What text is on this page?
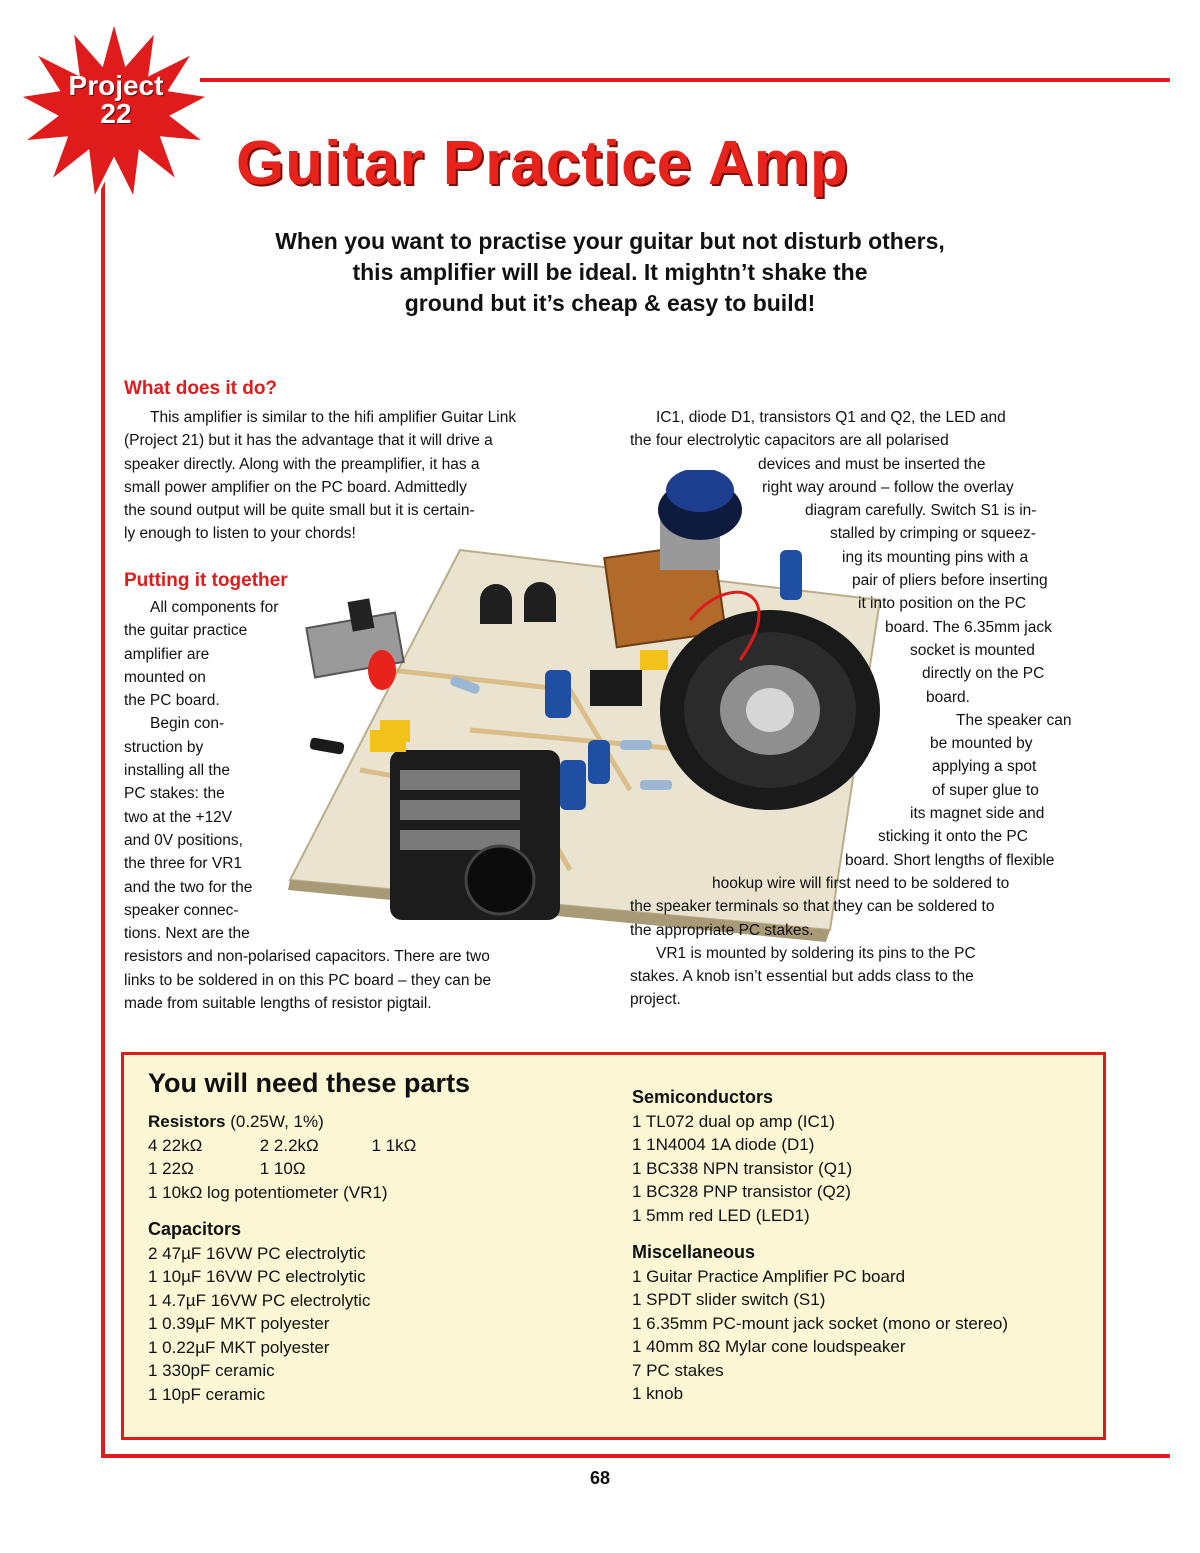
Project
22
Guitar Practice Amp
When you want to practise your guitar but not disturb others,
this amplifier will be ideal. It mightn’t shake the
ground but it’s cheap & easy to build!
What does it do?
This amplifier is similar to the hifi amplifier Guitar Link
(Project 21) but it has the advantage that it will drive a
speaker directly. Along with the preamplifier, it has a
small power amplifier on the PC board. Admittedly
the sound output will be quite small but it is certain-
ly enough to listen to your chords!
Putting it together
All components for
the guitar practice
amplifier are
mounted on
the PC board.
Begin con-
struction by
installing all the
PC stakes: the
two at the +12V
and 0V positions,
the three for VR1
and the two for the
speaker connec-
tions. Next are the
resistors and non-polarised capacitors. There are two
links to be soldered in on this PC board – they can be
made from suitable lengths of resistor pigtail.
IC1, diode D1, transistors Q1 and Q2, the LED and
the four electrolytic capacitors are all polarised
devices and must be inserted the
right way around – follow the overlay
diagram carefully. Switch S1 is in-
stalled by crimping or squeez-
ing its mounting pins with a
pair of pliers before inserting
it into position on the PC
board. The 6.35mm jack
socket is mounted
directly on the PC
board.
The speaker can
be mounted by
applying a spot
of super glue to
its magnet side and
sticking it onto the PC
board. Short lengths of flexible
hookup wire will first need to be soldered to
the speaker terminals so that they can be soldered to
the appropriate PC stakes.
VR1 is mounted by soldering its pins to the PC
stakes. A knob isn’t essential but adds class to the
project.
You will need these parts
Resistors (0.25W, 1%)
4 22kΩ	2 2.2kΩ	1 1kΩ
1 22Ω	1 10Ω
1 10kΩ log potentiometer (VR1)
Capacitors
2 47µF 16VW PC electrolytic
1 10µF 16VW PC electrolytic
1 4.7µF 16VW PC electrolytic
1 0.39µF MKT polyester
1 0.22µF MKT polyester
1 330pF ceramic
1 10pF ceramic
Semiconductors
1 TL072 dual op amp (IC1)
1 1N4004 1A diode (D1)
1 BC338 NPN transistor (Q1)
1 BC328 PNP transistor (Q2)
1 5mm red LED (LED1)
Miscellaneous
1 Guitar Practice Amplifier PC board
1 SPDT slider switch (S1)
1 6.35mm PC-mount jack socket (mono or stereo)
1 40mm 8Ω Mylar cone loudspeaker
7 PC stakes
1 knob
68
